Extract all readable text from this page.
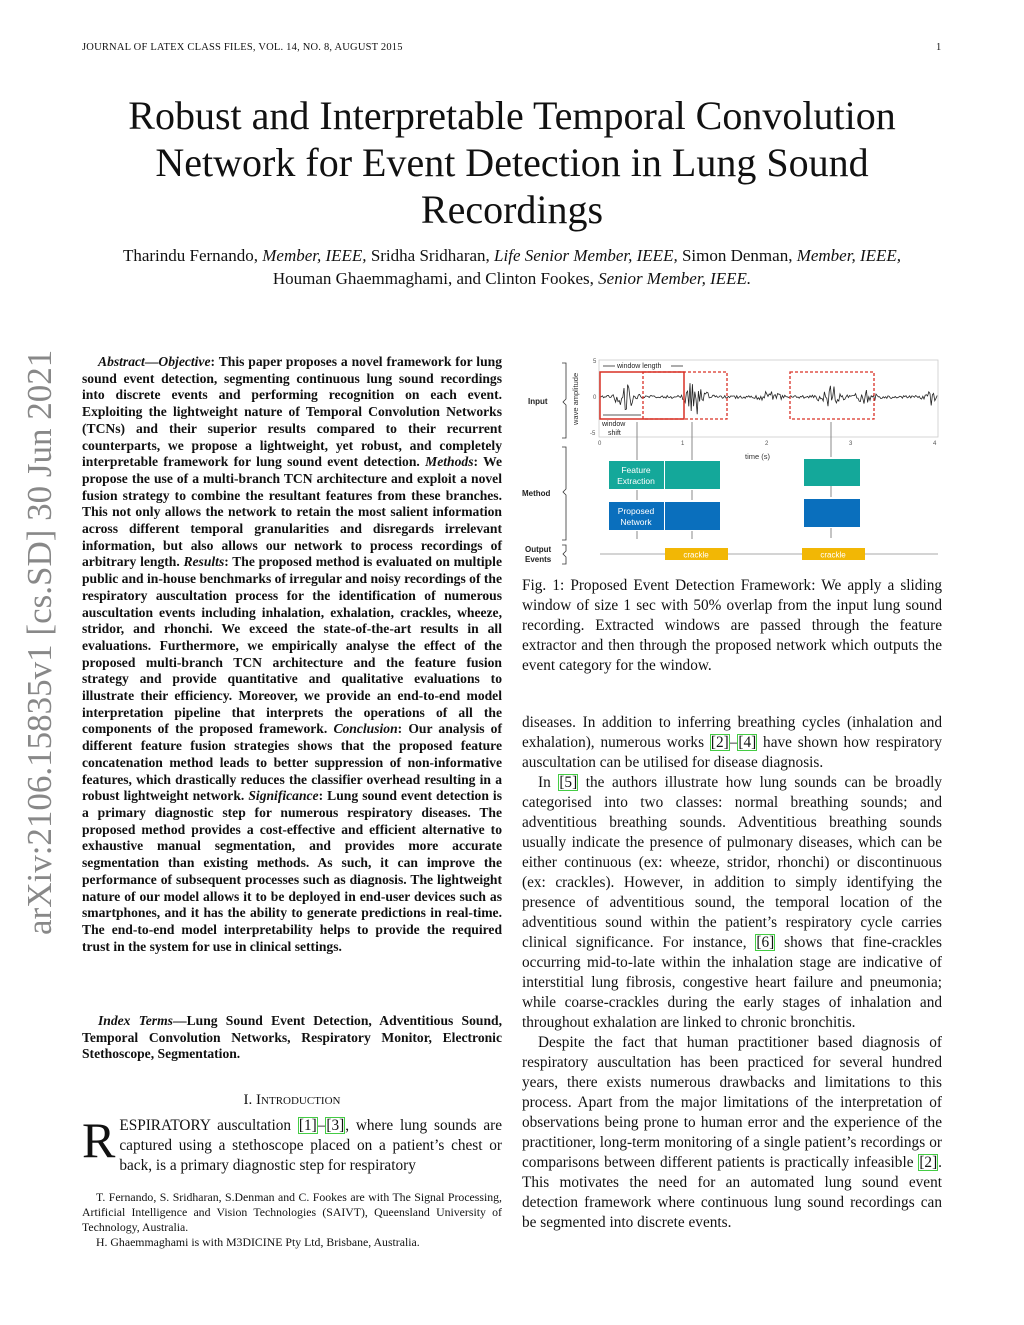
JOURNAL OF LATEX CLASS FILES, VOL. 14, NO. 8, AUGUST 2015	1
Robust and Interpretable Temporal Convolution Network for Event Detection in Lung Sound Recordings
Tharindu Fernando, Member, IEEE, Sridha Sridharan, Life Senior Member, IEEE, Simon Denman, Member, IEEE,
Houman Ghaemmaghami, and Clinton Fookes, Senior Member, IEEE.
arXiv:2106.15835v1 [cs.SD] 30 Jun 2021	Abstract—Objective: This paper proposes a novel framework for lung sound event detection, segmenting continuous lung sound recordings into discrete events and performing recognition on each event. Exploiting the lightweight nature of Temporal Convolution Networks (TCNs) and their superior results compared to their recurrent counterparts, we propose a lightweight, yet robust, and completely interpretable framework for lung sound event detection. Methods: We propose the use of a multi-branch TCN architecture and exploit a novel fusion strategy to combine the resultant features from these branches. This not only allows the network to retain the most salient information across different temporal granularities and disregards irrelevant information, but also allows our network to process recordings of arbitrary length. Results: The proposed method is evaluated on multiple public and in-house benchmarks of irregular and noisy recordings of the respiratory auscultation process for the identification of numerous auscultation events including inhalation, exhalation, crackles, wheeze, stridor, and rhonchi. We exceed the state-of-the-art results in all evaluations. Furthermore, we empirically analyse the effect of the proposed multi-branch TCN architecture and the feature fusion strategy and provide quantitative and qualitative evaluations to illustrate their efficiency. Moreover, we provide an end-to-end model interpretation pipeline that interprets the operations of all the components of the proposed framework. Conclusion: Our analysis of different feature fusion strategies shows that the proposed feature concatenation method leads to better suppression of non-informative features, which drastically reduces the classifier overhead resulting in a robust lightweight network. Significance: Lung sound event detection is a primary diagnostic step for numerous respiratory diseases. The proposed method provides a cost-effective and efficient alternative to exhaustive manual segmentation, and provides more accurate segmentation than existing methods. As such, it can improve the performance of subsequent processes such as diagnosis. The lightweight nature of our model allows it to be deployed in end-user devices such as smartphones, and it has the ability to generate predictions in real-time. The end-to-end model interpretability helps to provide the required trust in the system for use in clinical settings.

Index Terms—Lung Sound Event Detection, Adventitious Sound, Temporal Convolution Networks, Respiratory Monitor, Electronic Stethoscope, Segmentation.
I. Introduction
RESPIRATORY auscultation [1]–[3], where lung sounds are captured using a stethoscope placed on a patient’s chest or back, is a primary diagnostic step for respiratory

T. Fernando, S. Sridharan, S.Denman and C. Fookes are with The Signal Processing, Artificial Intelligence and Vision Technologies (SAIVT), Queensland University of Technology, Australia.

H. Ghaemmaghami is with M3DICINE Pty Ltd, Brisbane, Australia.

Input
Method
Output
Events
wave amplitude
5
0
-5
0	1	2	3	4
time (s)
window length
window
shift
Feature
Extraction
Proposed
Network
crackle	crackle
Fig. 1: Proposed Event Detection Framework: We apply a sliding window of size 1 sec with 50% overlap from the input lung sound recording. Extracted windows are passed through the feature extractor and then through the proposed network which outputs the event category for the window.

diseases. In addition to inferring breathing cycles (inhalation and exhalation), numerous works [2]–[4] have shown how respiratory auscultation can be utilised for disease diagnosis.

In [5] the authors illustrate how lung sounds can be broadly categorised into two classes: normal breathing sounds; and adventitious breathing sounds. Adventitious breathing sounds usually indicate the presence of pulmonary diseases, which can be either continuous (ex: wheeze, stridor, rhonchi) or discontinuous (ex: crackles). However, in addition to simply identifying the presence of adventitious sound, the temporal location of the adventitious sound within the patient’s respiratory cycle carries clinical significance. For instance, [6] shows that fine-crackles occurring mid-to-late within the inhalation stage are indicative of interstitial lung fibrosis, congestive heart failure and pneumonia; while coarse-crackles during the early stages of inhalation and throughout exhalation are linked to chronic bronchitis.

Despite the fact that human practitioner based diagnosis of respiratory auscultation has been practiced for several hundred years, there exists numerous drawbacks and limitations to this process. Apart from the major limitations of the interpretation of observations being prone to human error and the experience of the practitioner, long-term monitoring of a single patient’s recordings or comparisons between different patients is practically infeasible [2]. This motivates the need for an automated lung sound event detection framework where continuous lung sound recordings can be segmented into discrete events.
